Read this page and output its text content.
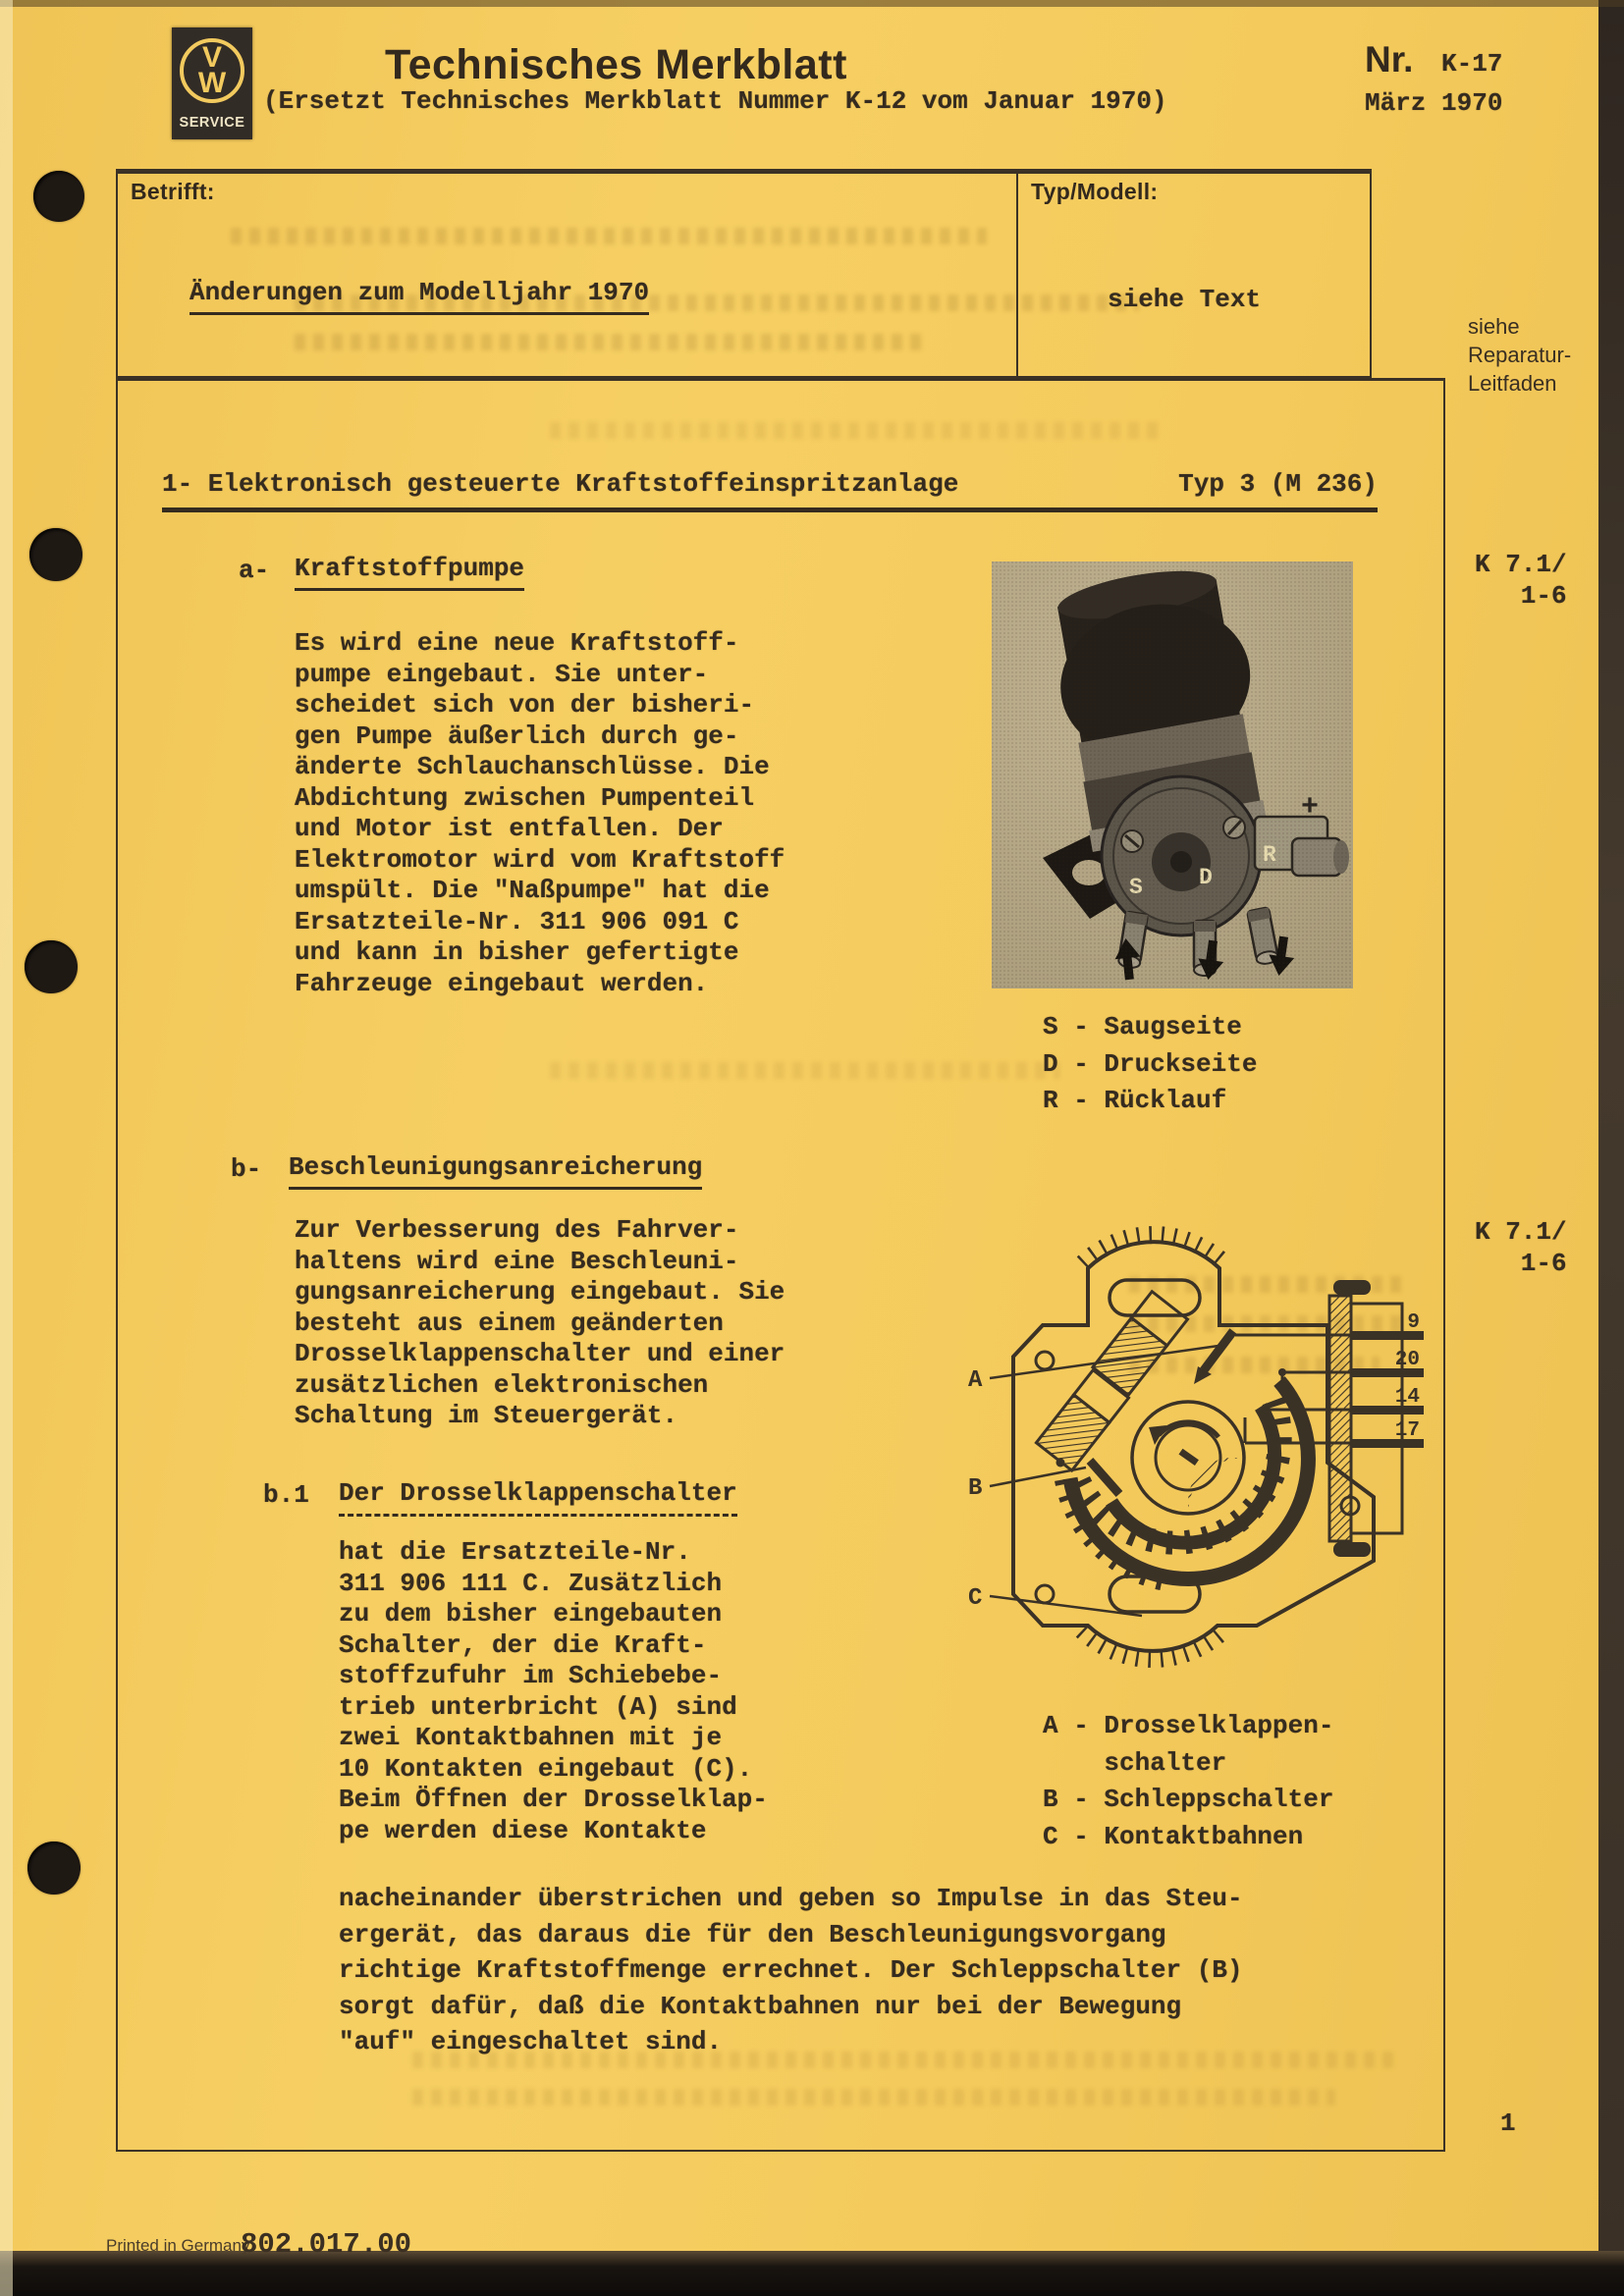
V
W
SERVICE
Technisches Merkblatt
(Ersetzt Technisches Merkblatt Nummer K-12 vom Januar 1970)
Nr. K-17
März 1970
Betrifft:	Typ/Modell:
Änderungen zum Modelljahr 1970	siehe Text
siehe
Reparatur-
Leitfaden
K 7.1/
1-6
K 7.1/
1-6
1- Elektronisch gesteuerte Kraftstoffeinspritzanlage	Typ 3 (M 236)
a- Kraftstoffpumpe
Es wird eine neue Kraftstoff-
pumpe eingebaut. Sie unter-
scheidet sich von der bisheri-
gen Pumpe äußerlich durch ge-
änderte Schlauchanschlüsse. Die
Abdichtung zwischen Pumpenteil
und Motor ist entfallen. Der
Elektromotor wird vom Kraftstoff
umspült. Die "Naßpumpe" hat die
Ersatzteile-Nr. 311 906 091 C
und kann in bisher gefertigte
Fahrzeuge eingebaut werden.
S - Saugseite
D - Druckseite
R - Rücklauf
b- Beschleunigungsanreicherung
Zur Verbesserung des Fahrver-
haltens wird eine Beschleuni-
gungsanreicherung eingebaut. Sie
besteht aus einem geänderten
Drosselklappenschalter und einer
zusätzlichen elektronischen
Schaltung im Steuergerät.
A
B
C
9
20
14
17
b.1 Der Drosselklappenschalter
hat die Ersatzteile-Nr.
311 906 111 C. Zusätzlich
zu dem bisher eingebauten
Schalter, der die Kraft-
stoffzufuhr im Schiebebe-
trieb unterbricht (A) sind
zwei Kontaktbahnen mit je
10 Kontakten eingebaut (C).
Beim Öffnen der Drosselklap-
pe werden diese Kontakte
A - Drosselklappen-
schalter
B - Schleppschalter
C - Kontaktbahnen
nacheinander überstrichen und geben so Impulse in das Steu-
ergerät, das daraus die für den Beschleunigungsvorgang
richtige Kraftstoffmenge errechnet. Der Schleppschalter (B)
sorgt dafür, daß die Kontaktbahnen nur bei der Bewegung
"auf" eingeschaltet sind.
1
Printed in Germany
802.017.00
